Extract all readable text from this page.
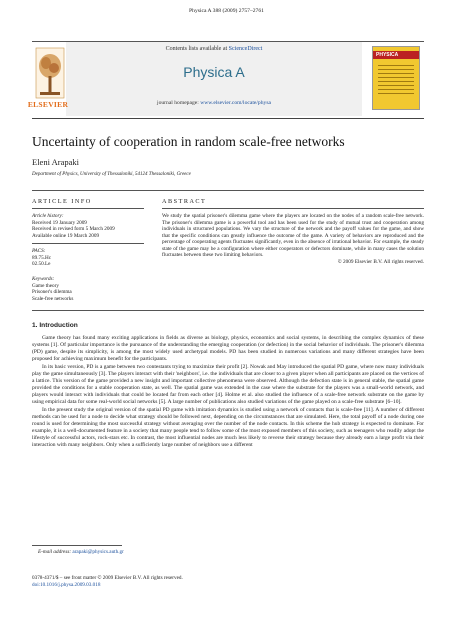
Physica A 388 (2009) 2757–2761
Contents lists available at ScienceDirect
Physica A
journal homepage: www.elsevier.com/locate/physa
ELSEVIER
PHYSICA
Uncertainty of cooperation in random scale-free networks
Eleni Arapaki
Department of Physics, University of Thessaloniki, 54124 Thessaloniki, Greece
ARTICLE INFO	ABSTRACT
Article history:
Received 19 January 2009
Received in revised form 5 March 2009
Available online 19 March 2009
PACS:
89.75.Hc
02.50.Le
Keywords:
Game theory
Prisoner's dilemma
Scale-free networks
We study the spatial prisoner's dilemma game where the players are located on the nodes of a random scale-free network. The prisoner's dilemma game is a powerful tool and has been used for the study of mutual trust and cooperation among individuals in structured populations. We vary the structure of the network and the payoff values for the game, and show that the specific conditions can greatly influence the outcome of the game. A variety of behaviors are reproduced and the percentage of cooperating agents fluctuates significantly, even in the absence of irrational behavior. For example, the steady state of the game may be a configuration where either cooperators or defectors dominate, while in many cases the solution fluctuates between these two limiting behaviors.
© 2009 Elsevier B.V. All rights reserved.
1. Introduction

Game theory has found many exciting applications in fields as diverse as biology, physics, economics and social systems, in describing the complex dynamics of these systems [1]. Of particular importance is the pursuance of the understanding the emerging cooperation (or defection) in the social behavior of individuals. The prisoner's dilemma (PD) game, despite its simplicity, is among the most widely used archetypal models. PD has been studied in numerous variations and many different strategies have been proposed for achieving maximum benefit for the participants.

In its basic version, PD is a game between two contestants trying to maximize their profit [2]. Nowak and May introduced the spatial PD game, where now many individuals play the game simultaneously [3]. The players interact with their 'neighbors', i.e. the individuals that are closer to a given player when all participants are placed on the vertices of a lattice. This version of the game provided a new insight and important collective phenomena were observed. Although the defection state is in general stable, the spatial game provided the conditions for a stable cooperation state, as well. The spatial game was extended in the case where the substrate for the players was a small-world network, and players would interact with individuals that could be located far from each other [4]. Holme et al. also studied the influence of a scale-free network substrate on the game by using empirical data for some real-world social networks [5]. A large number of publications also studied variations of the game played on a scale-free substrate [6–10].

In the present study the original version of the spatial PD game with imitation dynamics is studied using a network of contacts that is scale-free [11]. A number of different methods can be used for a node to decide what strategy should be followed next, depending on the circumstances that are simulated. Here, the total payoff of a node during one round is used for determining the most successful strategy without averaging over the number of the node contacts. In this scheme the hub strategy is expected to dominate. For example, it is a well-documented feature in a society that many people tend to follow some of the most exposed members of this society, such as teenagers who readily adopt the lifestyle of successful actors, rock-stars etc. In contrast, the most influential nodes are much less likely to reverse their strategy because they already earn a large profit via their interaction with many neighbors. Only when a sufficiently large number of neighbors use a different

E-mail address: arapaki@physics.auth.gr
0378-4371/$ – see front matter © 2009 Elsevier B.V. All rights reserved.
doi:10.1016/j.physa.2009.03.018
